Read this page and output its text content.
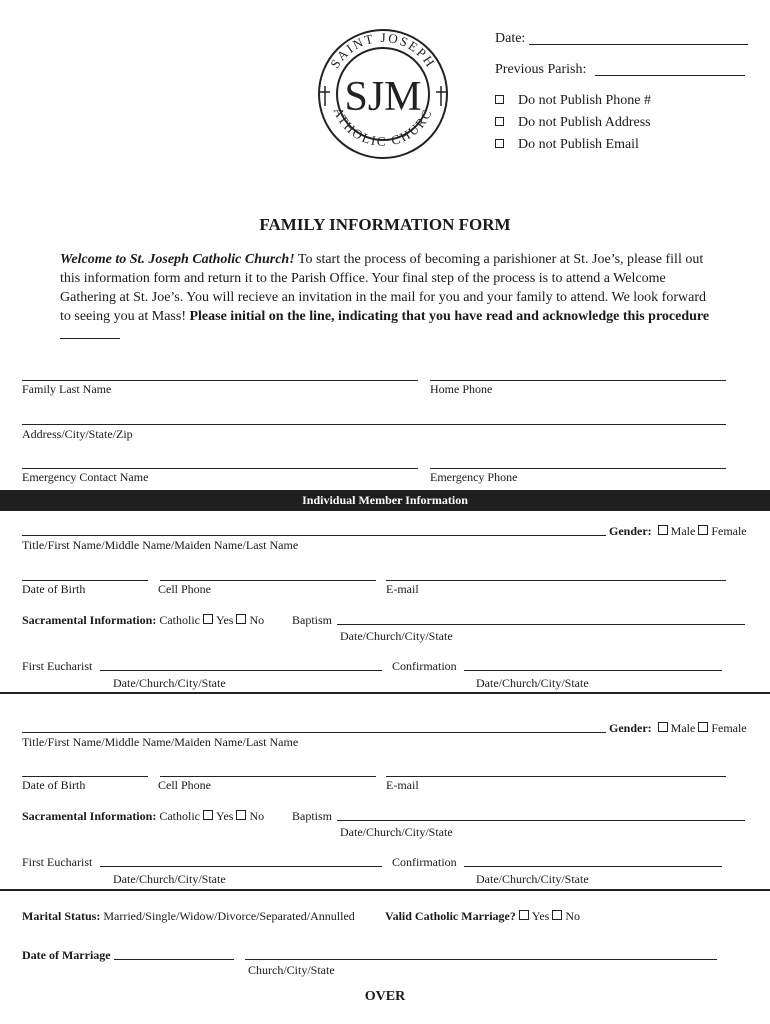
SAINT JOSEPH
ATHOLIC CHURC
SJM
Date:
Previous Parish:
Do not Publish Phone #
Do not Publish Address
Do not Publish Email
FAMILY INFORMATION FORM
Welcome to St. Joseph Catholic Church! To start the process of becoming a parishioner at St. Joe’s, please fill out this information form and return it to the Parish Office. Your final step of the process is to attend a Welcome Gathering at St. Joe’s. You will recieve an invitation in the mail for you and your family to attend. We look forward to seeing you at Mass! Please initial on the line, indicating that you have read and acknowledge this procedure
Family Last Name	Home Phone
Address/City/State/Zip
Emergency Contact Name	Emergency Phone
Individual Member Information
Gender: Male Female
Title/First Name/Middle Name/Maiden Name/Last Name
Date of Birth	Cell Phone	E-mail
Sacramental Information: Catholic Yes No Baptism
Date/Church/City/State
First Eucharist
Date/Church/City/State
Confirmation
Date/Church/City/State
Gender: Male Female
Title/First Name/Middle Name/Maiden Name/Last Name
Date of Birth	Cell Phone	E-mail
Sacramental Information: Catholic Yes No Baptism
Date/Church/City/State
First Eucharist
Date/Church/City/State
Confirmation
Date/Church/City/State
Marital Status: Married/Single/Widow/Divorce/Separated/Annulled	Valid Catholic Marriage? Yes No
Date of Marriage
Church/City/State
OVER
